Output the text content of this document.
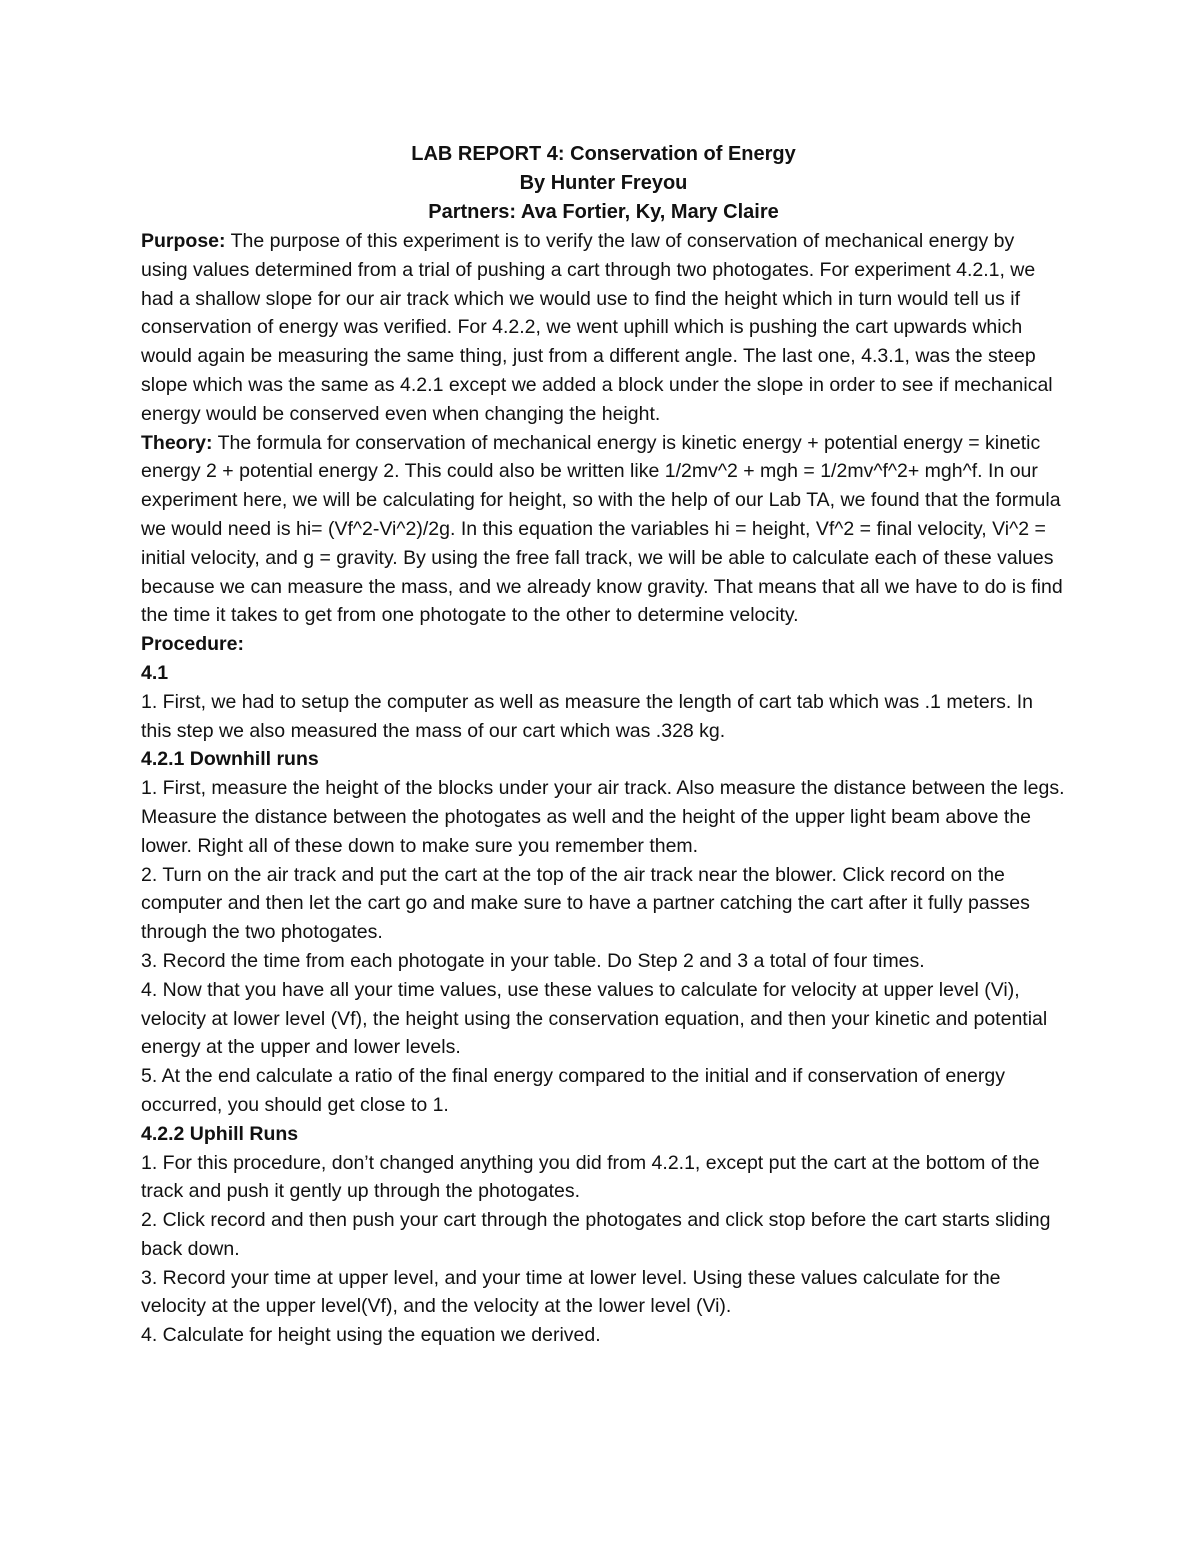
LAB REPORT 4: Conservation of Energy

By Hunter Freyou

Partners: Ava Fortier, Ky, Mary Claire

Purpose: The purpose of this experiment is to verify the law of conservation of mechanical energy by using values determined from a trial of pushing a cart through two photogates. For experiment 4.2.1, we had a shallow slope for our air track which we would use to find the height which in turn would tell us if conservation of energy was verified. For 4.2.2, we went uphill which is pushing the cart upwards which would again be measuring the same thing, just from a different angle. The last one, 4.3.1, was the steep slope which was the same as 4.2.1 except we added a block under the slope in order to see if mechanical energy would be conserved even when changing the height.

Theory: The formula for conservation of mechanical energy is kinetic energy + potential energy = kinetic energy 2 + potential energy 2. This could also be written like 1/2mv^2 + mgh = 1/2mv^f^2+ mgh^f. In our experiment here, we will be calculating for height, so with the help of our Lab TA, we found that the formula we would need is hi= (Vf^2-Vi^2)/2g. In this equation the variables hi = height, Vf^2 = final velocity, Vi^2 = initial velocity, and g = gravity. By using the free fall track, we will be able to calculate each of these values because we can measure the mass, and we already know gravity. That means that all we have to do is find the time it takes to get from one photogate to the other to determine velocity.

Procedure:

4.1

1. First, we had to setup the computer as well as measure the length of cart tab which was .1 meters. In this step we also measured the mass of our cart which was .328 kg.

4.2.1 Downhill runs

1. First, measure the height of the blocks under your air track. Also measure the distance between the legs. Measure the distance between the photogates as well and the height of the upper light beam above the lower. Right all of these down to make sure you remember them.

2. Turn on the air track and put the cart at the top of the air track near the blower. Click record on the computer and then let the cart go and make sure to have a partner catching the cart after it fully passes through the two photogates.

3. Record the time from each photogate in your table. Do Step 2 and 3 a total of four times.

4. Now that you have all your time values, use these values to calculate for velocity at upper level (Vi), velocity at lower level (Vf), the height using the conservation equation, and then your kinetic and potential energy at the upper and lower levels.

5. At the end calculate a ratio of the final energy compared to the initial and if conservation of energy occurred, you should get close to 1.

4.2.2 Uphill Runs

1. For this procedure, don’t changed anything you did from 4.2.1, except put the cart at the bottom of the track and push it gently up through the photogates.

2. Click record and then push your cart through the photogates and click stop before the cart starts sliding back down.

3. Record your time at upper level, and your time at lower level. Using these values calculate for the velocity at the upper level(Vf), and the velocity at the lower level (Vi).

4. Calculate for height using the equation we derived.
